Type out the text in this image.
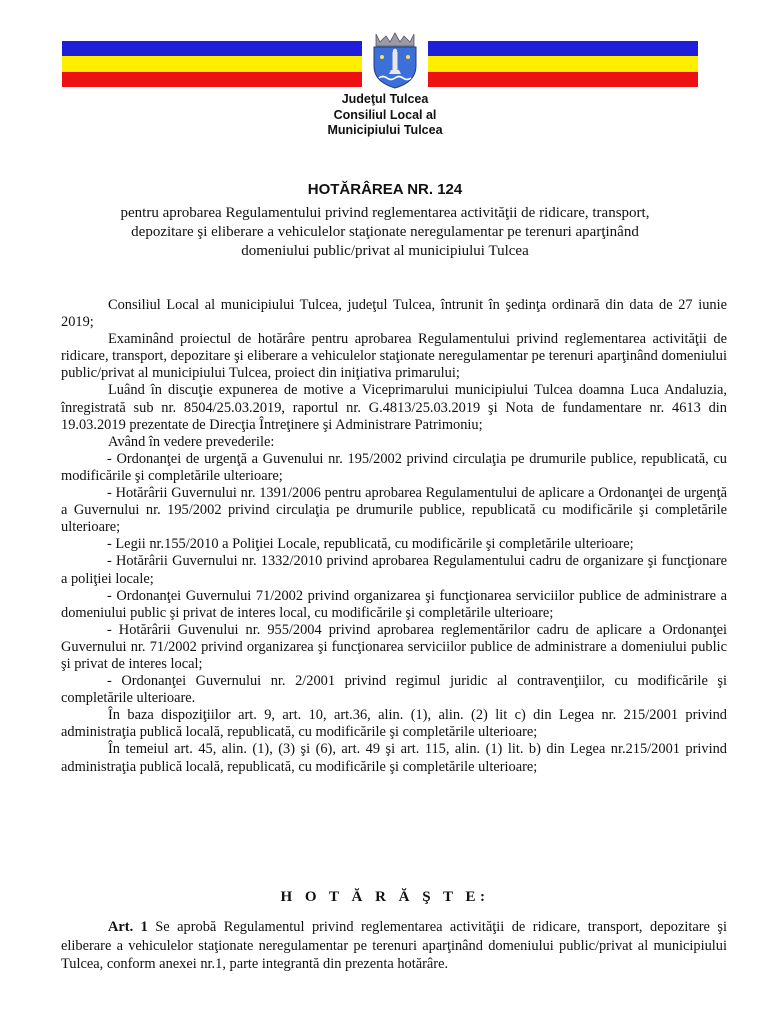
Judeţul Tulcea
Consiliul Local al
Municipiului Tulcea
HOTĂRÂREA NR. 124
pentru aprobarea Regulamentului privind reglementarea activităţii de ridicare, transport,
depozitare şi eliberare a vehiculelor staţionate neregulamentar pe terenuri aparţinând
domeniului public/privat al municipiului Tulcea

Consiliul Local al municipiului Tulcea, judeţul Tulcea, întrunit în şedinţa ordinară din data de 27 iunie 2019;

Examinând proiectul de hotărâre pentru aprobarea Regulamentului privind reglementarea activităţii de ridicare, transport, depozitare şi eliberare a vehiculelor staţionate neregulamentar pe terenuri aparţinând domeniului public/privat al municipiului Tulcea, proiect din iniţiativa primarului;

Luând în discuţie expunerea de motive a Viceprimarului municipiului Tulcea doamna Luca Andaluzia, înregistrată sub nr. 8504/25.03.2019, raportul nr. G.4813/25.03.2019 şi Nota de fundamentare nr. 4613 din 19.03.2019 prezentate de Direcţia Întreţinere şi Administrare Patrimoniu;

Având în vedere prevederile:

- Ordonanţei de urgenţă a Guvenului nr. 195/2002 privind circulaţia pe drumurile publice, republicată, cu modificările şi completările ulterioare;

- Hotărârii Guvernului nr. 1391/2006 pentru aprobarea Regulamentului de aplicare a Ordonanţei de urgenţă a Guvernului nr. 195/2002 privind circulaţia pe drumurile publice, republicată cu modificările şi completările ulterioare;

- Legii nr.155/2010 a Poliţiei Locale, republicată, cu modificările şi completările ulterioare;

- Hotărârii Guvernului nr. 1332/2010 privind aprobarea Regulamentului cadru de organizare şi funcţionare a poliţiei locale;

- Ordonanţei Guvernului 71/2002 privind organizarea şi funcţionarea serviciilor publice de administrare a domeniului public şi privat de interes local, cu modificările şi completările ulterioare;

- Hotărârii Guvenului nr. 955/2004 privind aprobarea reglementărilor cadru de aplicare a Ordonanţei Guvernului nr. 71/2002 privind organizarea şi funcţionarea serviciilor publice de administrare a domeniului public şi privat de interes local;

- Ordonanţei Guvernului nr. 2/2001 privind regimul juridic al contravenţiilor, cu modificările şi completările ulterioare.

În baza dispoziţiilor art. 9, art. 10, art.36, alin. (1), alin. (2) lit c) din Legea nr. 215/2001 privind administraţia publică locală, republicată, cu modificările şi completările ulterioare;

În temeiul art. 45, alin. (1), (3) şi (6), art. 49 şi art. 115, alin. (1) lit. b) din Legea nr.215/2001 privind administraţia publică locală, republicată, cu modificările şi completările ulterioare;

H O T Ă R Ă Ş T E:

Art. 1 Se aprobă Regulamentul privind reglementarea activităţii de ridicare, transport, depozitare şi eliberare a vehiculelor staţionate neregulamentar pe terenuri aparţinând domeniului public/privat al municipiului Tulcea, conform anexei nr.1, parte integrantă din prezenta hotărâre.
